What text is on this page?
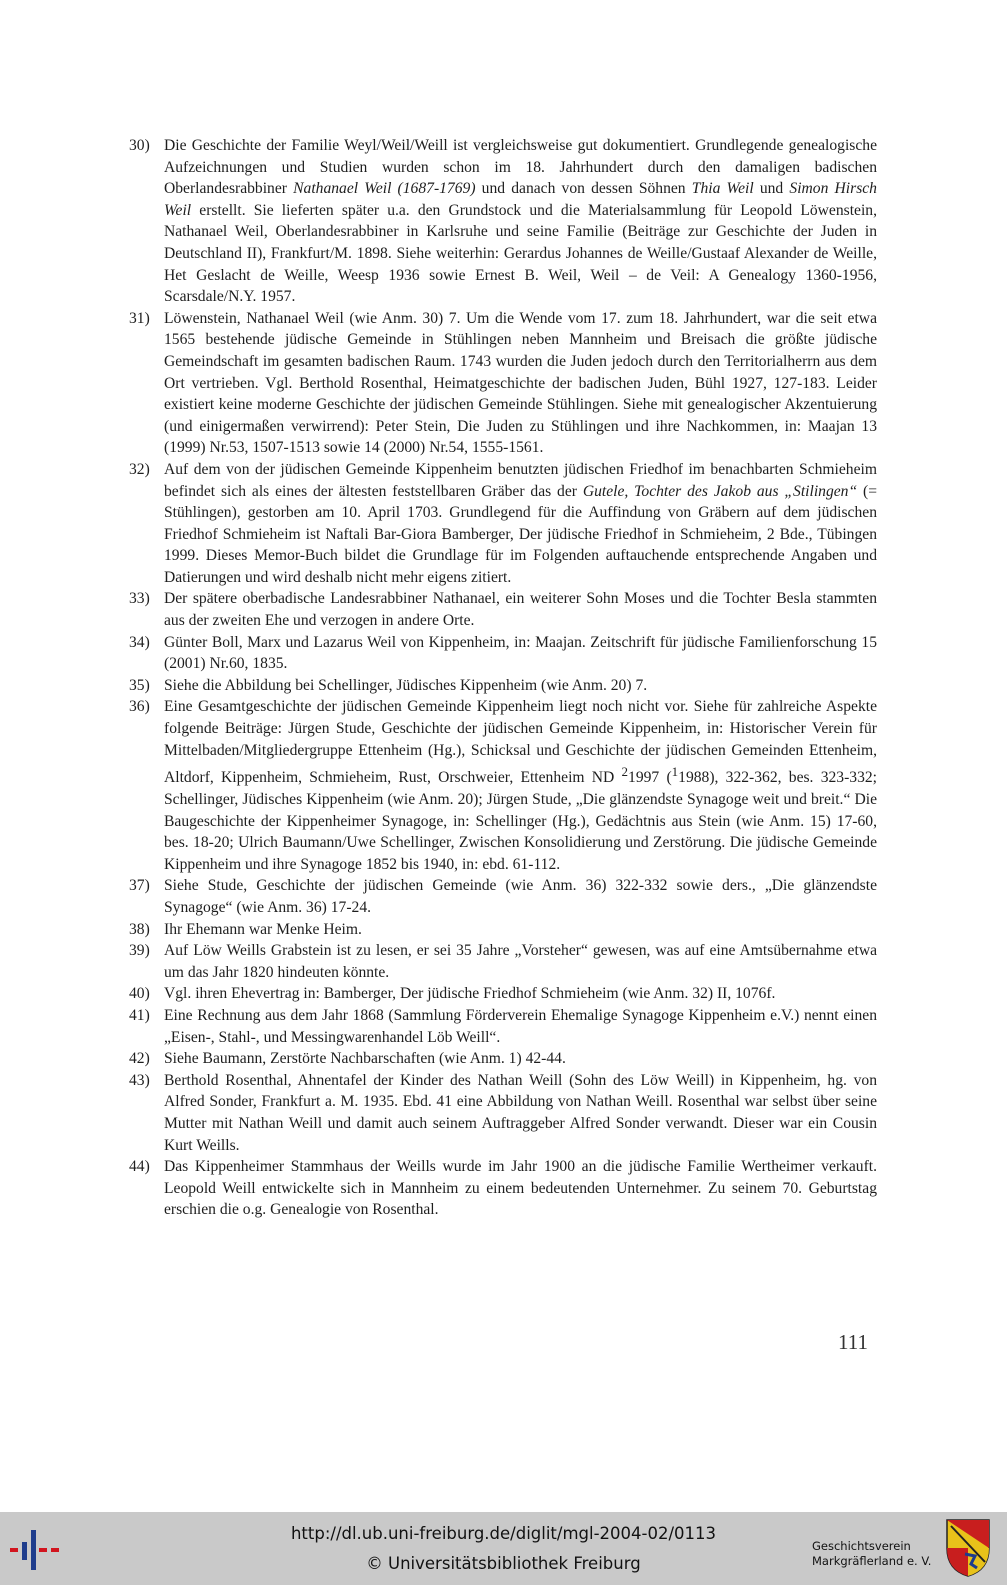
30) Die Geschichte der Familie Weyl/Weil/Weill ist vergleichsweise gut dokumentiert. Grundlegende genealogische Aufzeichnungen und Studien wurden schon im 18. Jahrhundert durch den damaligen badischen Oberlandesrabbiner Nathanael Weil (1687-1769) und danach von dessen Söhnen Thia Weil und Simon Hirsch Weil erstellt. Sie lieferten später u.a. den Grundstock und die Materialsammlung für Leopold Löwenstein, Nathanael Weil, Oberlandesrabbiner in Karlsruhe und seine Familie (Beiträge zur Geschichte der Juden in Deutschland II), Frankfurt/M. 1898. Siehe weiterhin: Gerardus Johannes de Weille/Gustaaf Alexander de Weille, Het Geslacht de Weille, Weesp 1936 sowie Ernest B. Weil, Weil – de Veil: A Genealogy 1360-1956, Scarsdale/N.Y. 1957.
31) Löwenstein, Nathanael Weil (wie Anm. 30) 7. Um die Wende vom 17. zum 18. Jahrhundert, war die seit etwa 1565 bestehende jüdische Gemeinde in Stühlingen neben Mannheim und Breisach die größte jüdische Gemeindschaft im gesamten badischen Raum. 1743 wurden die Juden jedoch durch den Territorialherrn aus dem Ort vertrieben. Vgl. Berthold Rosenthal, Heimatgeschichte der badischen Juden, Bühl 1927, 127-183. Leider existiert keine moderne Geschichte der jüdischen Gemeinde Stühlingen. Siehe mit genealogischer Akzentuierung (und einigermaßen verwirrend): Peter Stein, Die Juden zu Stühlingen und ihre Nachkommen, in: Maajan 13 (1999) Nr.53, 1507-1513 sowie 14 (2000) Nr.54, 1555-1561.
32) Auf dem von der jüdischen Gemeinde Kippenheim benutzten jüdischen Friedhof im benachbarten Schmieheim befindet sich als eines der ältesten feststellbaren Gräber das der Gutele, Tochter des Jakob aus „Stilingen“ (= Stühlingen), gestorben am 10. April 1703. Grundlegend für die Auffindung von Gräbern auf dem jüdischen Friedhof Schmieheim ist Naftali Bar-Giora Bamberger, Der jüdische Friedhof in Schmieheim, 2 Bde., Tübingen 1999. Dieses Memor-Buch bildet die Grundlage für im Folgenden auftauchende entsprechende Angaben und Datierungen und wird deshalb nicht mehr eigens zitiert.
33) Der spätere oberbadische Landesrabbiner Nathanael, ein weiterer Sohn Moses und die Tochter Besla stammten aus der zweiten Ehe und verzogen in andere Orte.
34) Günter Boll, Marx und Lazarus Weil von Kippenheim, in: Maajan. Zeitschrift für jüdische Familienforschung 15 (2001) Nr.60, 1835.
35) Siehe die Abbildung bei Schellinger, Jüdisches Kippenheim (wie Anm. 20) 7.
36) Eine Gesamtgeschichte der jüdischen Gemeinde Kippenheim liegt noch nicht vor. Siehe für zahlreiche Aspekte folgende Beiträge: Jürgen Stude, Geschichte der jüdischen Gemeinde Kippenheim, in: Historischer Verein für Mittelbaden/Mitgliedergruppe Ettenheim (Hg.), Schicksal und Geschichte der jüdischen Gemeinden Ettenheim, Altdorf, Kippenheim, Schmieheim, Rust, Orschweier, Ettenheim ND $^2$1997 ($^1$1988), 322-362, bes. 323-332; Schellinger, Jüdisches Kippenheim (wie Anm. 20); Jürgen Stude, „Die glänzendste Synagoge weit und breit.“ Die Baugeschichte der Kippenheimer Synagoge, in: Schellinger (Hg.), Gedächtnis aus Stein (wie Anm. 15) 17-60, bes. 18-20; Ulrich Baumann/Uwe Schellinger, Zwischen Konsolidierung und Zerstörung. Die jüdische Gemeinde Kippenheim und ihre Synagoge 1852 bis 1940, in: ebd. 61-112.
37) Siehe Stude, Geschichte der jüdischen Gemeinde (wie Anm. 36) 322-332 sowie ders., „Die glänzendste Synagoge“ (wie Anm. 36) 17-24.
38) Ihr Ehemann war Menke Heim.
39) Auf Löw Weills Grabstein ist zu lesen, er sei 35 Jahre „Vorsteher“ gewesen, was auf eine Amtsübernahme etwa um das Jahr 1820 hindeuten könnte.
40) Vgl. ihren Ehevertrag in: Bamberger, Der jüdische Friedhof Schmieheim (wie Anm. 32) II, 1076f.
41) Eine Rechnung aus dem Jahr 1868 (Sammlung Förderverein Ehemalige Synagoge Kippenheim e.V.) nennt einen „Eisen-, Stahl-, und Messingwarenhandel Löb Weill“.
42) Siehe Baumann, Zerstörte Nachbarschaften (wie Anm. 1) 42-44.
43) Berthold Rosenthal, Ahnentafel der Kinder des Nathan Weill (Sohn des Löw Weill) in Kippenheim, hg. von Alfred Sonder, Frankfurt a. M. 1935. Ebd. 41 eine Abbildung von Nathan Weill. Rosenthal war selbst über seine Mutter mit Nathan Weill und damit auch seinem Auftraggeber Alfred Sonder verwandt. Dieser war ein Cousin Kurt Weills.
44) Das Kippenheimer Stammhaus der Weills wurde im Jahr 1900 an die jüdische Familie Wertheimer verkauft. Leopold Weill entwickelte sich in Mannheim zu einem bedeutenden Unternehmer. Zu seinem 70. Geburtstag erschien die o.g. Genealogie von Rosenthal.
111
http://dl.ub.uni-freiburg.de/diglit/mgl-2004-02/0113
© Universitätsbibliothek Freiburg
Geschichtsverein
Markgräflerland e. V.
